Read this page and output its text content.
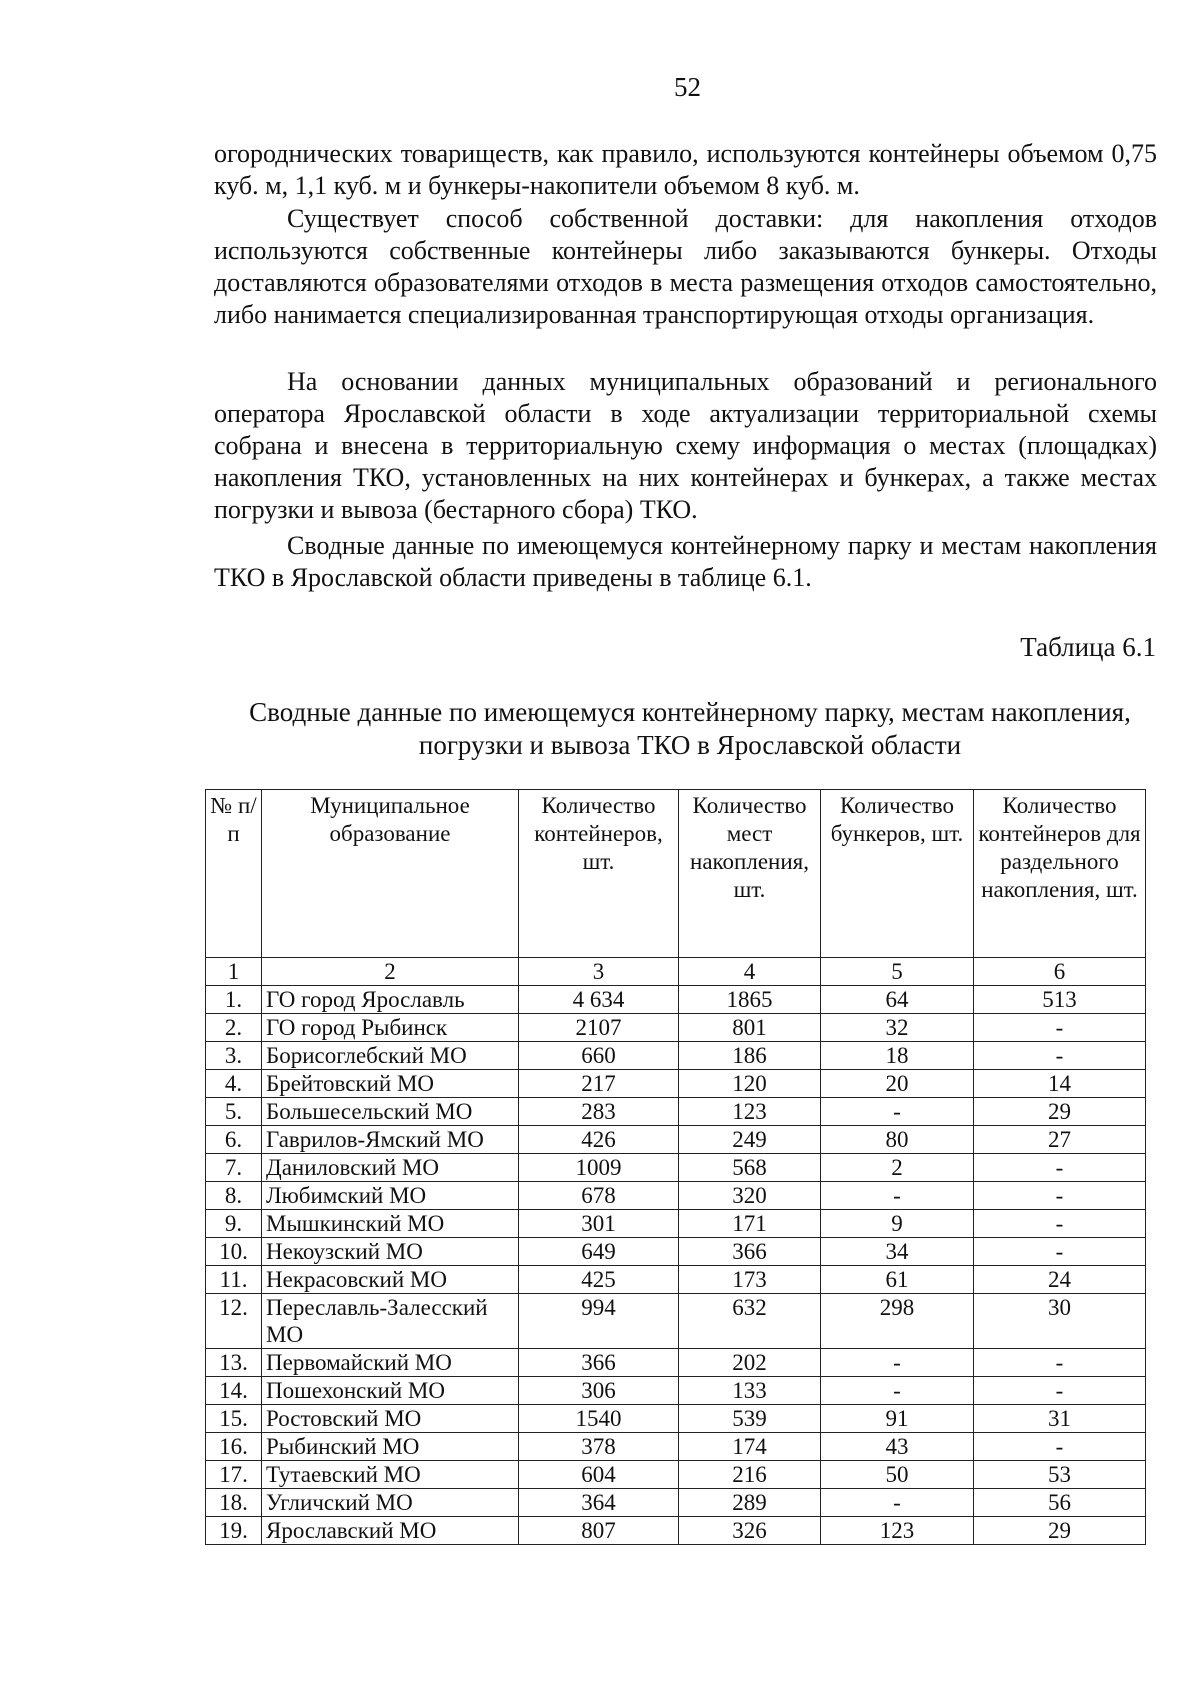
52

огороднических товариществ, как правило, используются контейнеры объемом 0,75 куб. м, 1,1 куб. м и бункеры-накопители объемом 8 куб. м.

Существует способ собственной доставки: для накопления отходов используются собственные контейнеры либо заказываются бункеры. Отходы доставляются образователями отходов в места размещения отходов самостоятельно, либо нанимается специализированная транспортирующая отходы организация.

На основании данных муниципальных образований и регионального оператора Ярославской области в ходе актуализации территориальной схемы собрана и внесена в территориальную схему информация о местах (площадках) накопления ТКО, установленных на них контейнерах и бункерах, а также местах погрузки и вывоза (бестарного сбора) ТКО.

Сводные данные по имеющемуся контейнерному парку и местам накопления ТКО в Ярославской области приведены в таблице 6.1.

Таблица 6.1
Сводные данные по имеющемуся контейнерному парку, местам накопления, погрузки и вывоза ТКО в Ярославской области
№ п/п	Муниципальное образование	Количество контейнеров, шт.	Количество мест накопления, шт.	Количество бункеров, шт.	Количество контейнеров для раздельного накопления, шт.
1	2	3	4	5	6
1.	ГО город Ярославль	4 634	1865	64	513
2.	ГО город Рыбинск	2107	801	32	-
3.	Борисоглебский МО	660	186	18	-
4.	Брейтовский МО	217	120	20	14
5.	Большесельский МО	283	123	-	29
6.	Гаврилов-Ямский МО	426	249	80	27
7.	Даниловский МО	1009	568	2	-
8.	Любимский МО	678	320	-	-
9.	Мышкинский МО	301	171	9	-
10.	Некоузский МО	649	366	34	-
11.	Некрасовский МО	425	173	61	24
12.	Переславль-Залесский МО	994	632	298	30
13.	Первомайский МО	366	202	-	-
14.	Пошехонский МО	306	133	-	-
15.	Ростовский МО	1540	539	91	31
16.	Рыбинский МО	378	174	43	-
17.	Тутаевский МО	604	216	50	53
18.	Угличский МО	364	289	-	56
19.	Ярославский МО	807	326	123	29
